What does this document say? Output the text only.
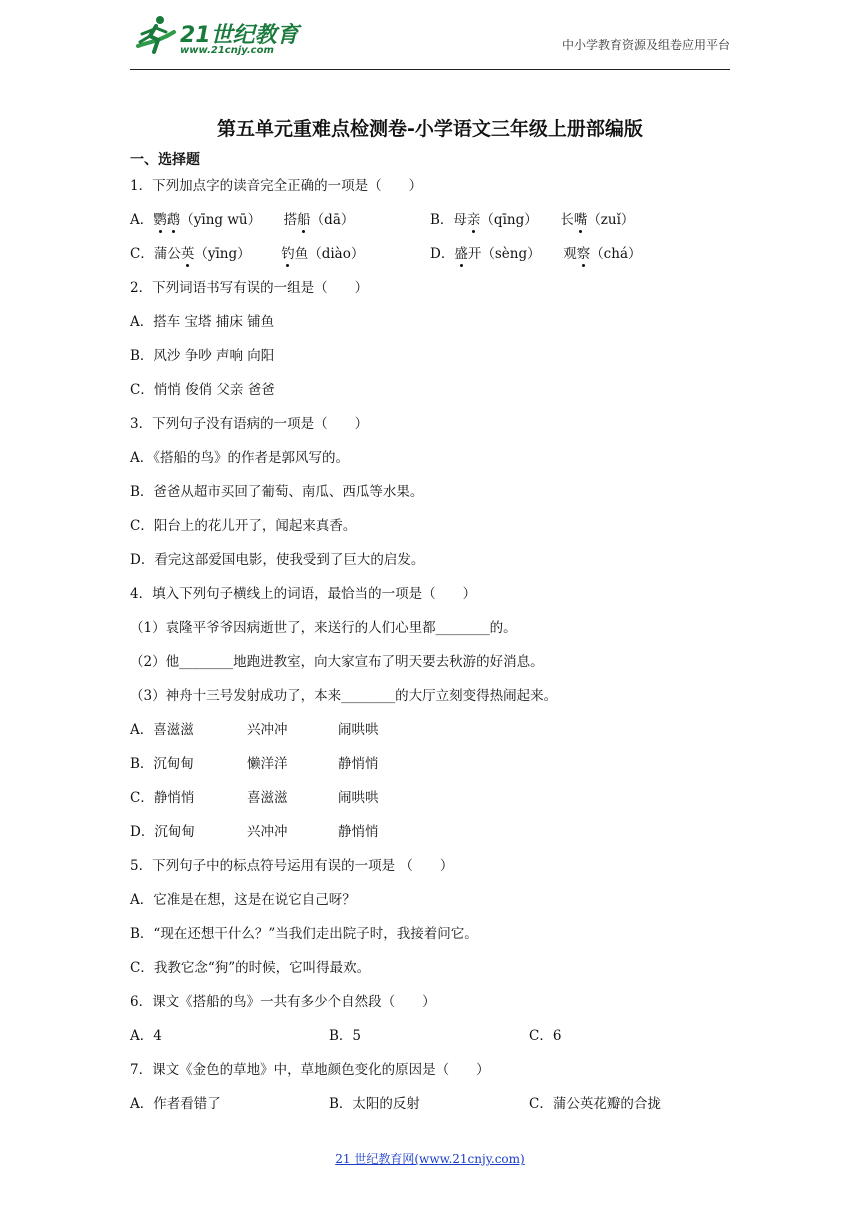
21世纪教育
www.21cnjy.com	中小学教育资源及组卷应用平台
第五单元重难点检测卷-小学语文三年级上册部编版
一、选择题
1．下列加点字的读音完全正确的一项是（　　）
A．鹦鹉（yīng wū） 搭船（dā）	B．母亲（qīng） 长嘴（zuǐ）
C．蒲公英（yīng） 钓鱼（diào）	D．盛开（sèng） 观察（chá）
2．下列词语书写有误的一组是（　　）
A．搭车 宝塔 捕床 铺鱼
B．风沙 争吵 声响 向阳
C．悄悄 俊俏 父亲 爸爸
3．下列句子没有语病的一项是（　　）
A．《搭船的鸟》的作者是郭风写的。
B．爸爸从超市买回了葡萄、南瓜、西瓜等水果。
C．阳台上的花儿开了，闻起来真香。
D．看完这部爱国电影，使我受到了巨大的启发。
4．填入下列句子横线上的词语，最恰当的一项是（　　）
（1）袁隆平爷爷因病逝世了，来送行的人们心里都________的。
（2）他________地跑进教室，向大家宣布了明天要去秋游的好消息。
（3）神舟十三号发射成功了，本来________的大厅立刻变得热闹起来。
A．喜滋滋	兴冲冲	闹哄哄
B．沉甸甸	懒洋洋	静悄悄
C．静悄悄	喜滋滋	闹哄哄
D．沉甸甸	兴冲冲	静悄悄
5．下列句子中的标点符号运用有误的一项是 （　　）
A．它准是在想，这是在说它自己呀？
B．“现在还想干什么？”当我们走出院子时，我接着问它。
C．我教它念“狗”的时候，它叫得最欢。
6．课文《搭船的鸟》一共有多少个自然段（　　）
A．4	B．5	C．6
7．课文《金色的草地》中，草地颜色变化的原因是（　　）
A．作者看错了	B．太阳的反射	C．蒲公英花瓣的合拢
21 世纪教育网(www.21cnjy.com)
